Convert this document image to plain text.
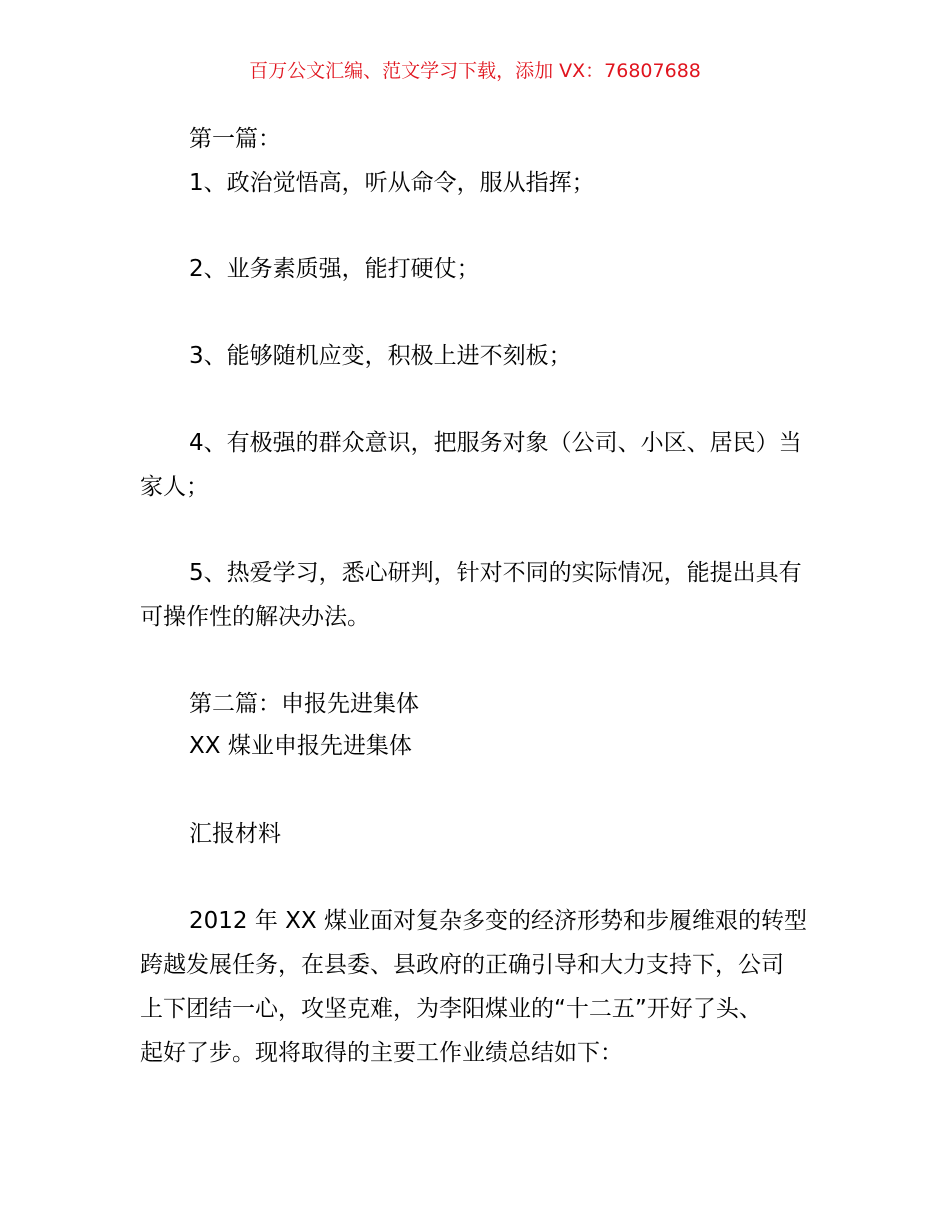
百万公文汇编、范文学习下载，添加 VX：76807688
第一篇：
1、政治觉悟高，听从命令，服从指挥；
2、业务素质强，能打硬仗；
3、能够随机应变，积极上进不刻板；
4、有极强的群众意识，把服务对象（公司、小区、居民）当
家人；
5、热爱学习，悉心研判，针对不同的实际情况，能提出具有
可操作性的解决办法。
第二篇：申报先进集体
XX 煤业申报先进集体
汇报材料
2012 年 XX 煤业面对复杂多变的经济形势和步履维艰的转型
跨越发展任务，在县委、县政府的正确引导和大力支持下，公司
上下团结一心，攻坚克难，为李阳煤业的“十二五”开好了头、
起好了步。现将取得的主要工作业绩总结如下：
